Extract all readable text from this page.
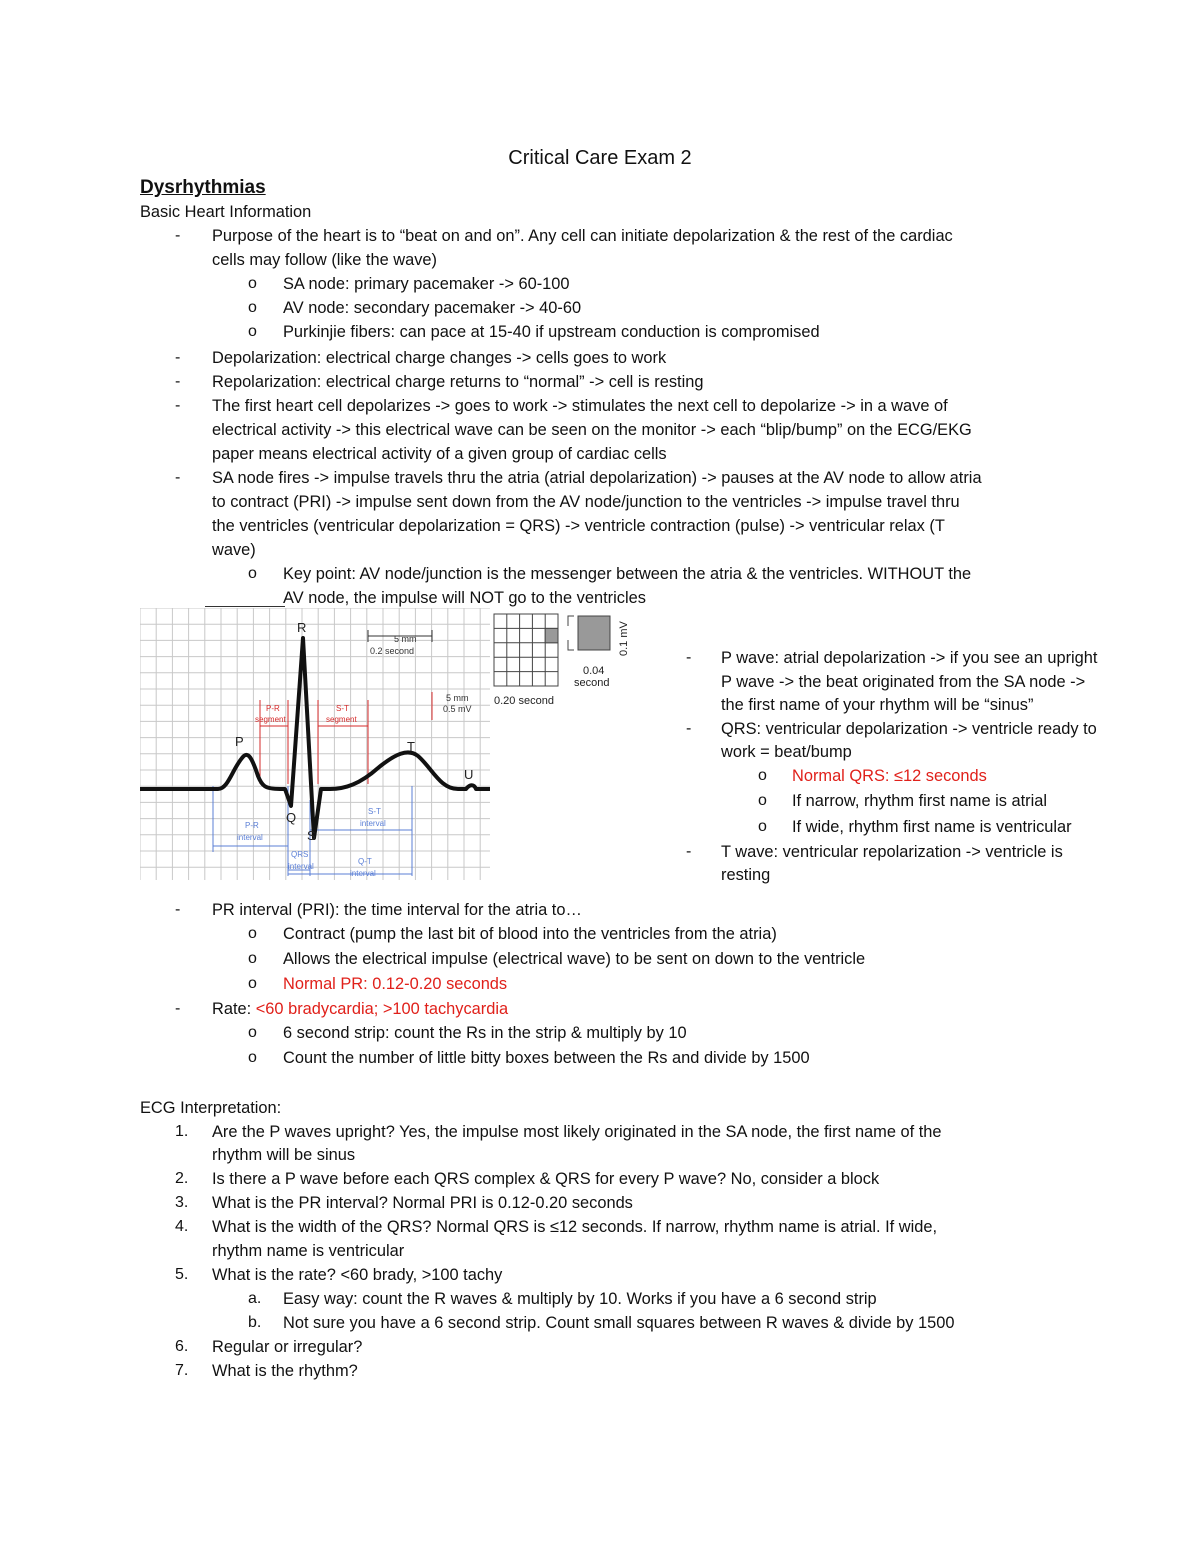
Critical Care Exam 2
Dysrhythmias
Basic Heart Information
- Purpose of the heart is to “beat on and on”. Any cell can initiate depolarization & the rest of the cardiac
cells may follow (like the wave)
o SA node: primary pacemaker -> 60-100
o AV node: secondary pacemaker -> 40-60
o Purkinjie fibers: can pace at 15-40 if upstream conduction is compromised
- Depolarization: electrical charge changes -> cells goes to work
- Repolarization: electrical charge returns to “normal” -> cell is resting
- The first heart cell depolarizes -> goes to work -> stimulates the next cell to depolarize -> in a wave of
electrical activity -> this electrical wave can be seen on the monitor -> each “blip/bump” on the ECG/EKG
paper means electrical activity of a given group of cardiac cells
- SA node fires -> impulse travels thru the atria (atrial depolarization) -> pauses at the AV node to allow atria
to contract (PRI) -> impulse sent down from the AV node/junction to the ventricles -> impulse travel thru
the ventricles (ventricular depolarization = QRS) -> ventricle contraction (pulse) -> ventricular relax (T
wave)
o Key point: AV node/junction is the messenger between the atria & the ventricles. WITHOUT the
AV node, the impulse will NOT go to the ventricles
R
P
Q
S
T
U
5 mm
0.2 second
5 mm
0.5 mV
P-R
segment
S-T
segment
P-R
interval
S-T
interval
QRS
interval
Q-T
interval
0.1 mV
0.04
second
0.20 second
- P wave: atrial depolarization -> if you see an upright
P wave -> the beat originated from the SA node ->
the first name of your rhythm will be “sinus”
- QRS: ventricular depolarization -> ventricle ready to
work = beat/bump
o Normal QRS: ≤12 seconds
o If narrow, rhythm first name is atrial
o If wide, rhythm first name is ventricular
- T wave: ventricular repolarization -> ventricle is
resting
- PR interval (PRI): the time interval for the atria to…
o Contract (pump the last bit of blood into the ventricles from the atria)
o Allows the electrical impulse (electrical wave) to be sent on down to the ventricle
o Normal PR: 0.12-0.20 seconds
- Rate: <60 bradycardia; >100 tachycardia
o 6 second strip: count the Rs in the strip & multiply by 10
o Count the number of little bitty boxes between the Rs and divide by 1500
ECG Interpretation:
1. Are the P waves upright? Yes, the impulse most likely originated in the SA node, the first name of the
rhythm will be sinus
2. Is there a P wave before each QRS complex & QRS for every P wave? No, consider a block
3. What is the PR interval? Normal PRI is 0.12-0.20 seconds
4. What is the width of the QRS? Normal QRS is ≤12 seconds. If narrow, rhythm name is atrial. If wide,
rhythm name is ventricular
5. What is the rate? <60 brady, >100 tachy
a. Easy way: count the R waves & multiply by 10. Works if you have a 6 second strip
b. Not sure you have a 6 second strip. Count small squares between R waves & divide by 1500
6. Regular or irregular?
7. What is the rhythm?
